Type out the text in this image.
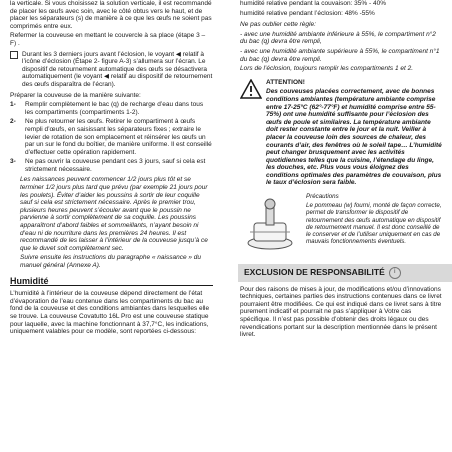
la verticale. Si vous choisissez la solution verticale, il est recommandé de placer les œufs avec soin, avec le côté obtus vers le haut, et de placer les séparateurs (s) de manière à ce que les œufs ne soient pas comprimés entre eux.

Refermer la couveuse en mettant le couvercle à sa place (étape 3 – F) .

Durant les 3 derniers jours avant l’éclosion, le voyant ◀ relatif à l’icône d’éclosion (Étape 2- figure A-3) s’allumera sur l’écran. Le dispositif de retournement automatique des œufs se désactivera automatiquement (le voyant ◀ relatif au dispositif de retournement des œufs disparaîtra de l’écran).

Préparer la couveuse de la manière suivante:

1-	Remplir complètement le bac (q) de recharge d’eau dans tous les compartiments (compartiments 1-2).
2-	Ne plus retourner les œufs. Retirer le compartiment à œufs rempli d’œufs, en saisissant les séparateurs fixes ; extraire le levier de rotation de son emplacement et réinsérer les œufs un par un sur le fond du boîtier, de manière uniforme. Il est conseillé d’effectuer cette opération rapidement.
3-	Ne pas ouvrir la couveuse pendant ces 3 jours, sauf si cela est strictement nécessaire.

Les naissances peuvent commencer 1/2 jours plus tôt et se terminer 1/2 jours plus tard que prévu (par exemple 21 jours pour les poulets). Éviter d’aider les poussins à sortir de leur coquille sauf si cela est strictement nécessaire. Après le premier trou, plusieurs heures peuvent s’écouler avant que le poussin ne parvienne à sortir complètement de sa coquille. Les poussins apparaîtront d’abord faibles et sommeillants, n’ayant besoin ni d’eau ni de nourriture dans les premières 24 heures. Il est recommandé de les laisser à l’intérieur de la couveuse jusqu’à ce que le duvet soit complètement sec.

Suivre ensuite les instructions du paragraphe « naissance » du manuel général (Annexe A).

Humidité

L’humidité à l’intérieur de la couveuse dépend directement de l’état d’évaporation de l’eau contenue dans les compartiments du bac au fond de la couveuse et des conditions ambiantes dans lesquelles elle se trouve. La couveuse Covatutto 16L Pro est une couveuse statique pour laquelle, avec la machine fonctionnant à 37,7°C, les indications, uniquement valables pour ce modèle, sont reportées ci-dessous:

humidité relative pendant la couvaison: 35% - 40%

humidité relative pendant l’éclosion: 48% -55%

Ne pas oublier cette règle:

- avec une humidité ambiante inférieure à 55%, le compartiment n°2 du bac (q) devra être rempli,

- avec une humidité ambiante supérieure à 55%, le compartiment n°1 du bac (q) devra être rempli.

Lors de l’éclosion, toujours remplir les compartiments 1 et 2.

ATTENTION!

Des couveuses placées correctement, avec de bonnes conditions ambiantes (température ambiante comprise entre 17-25°C (62°-77°F) et humidité comprise entre 55-75%) ont une humidité suffisante pour l’éclosion des œufs de poule et similaires. La température ambiante doit rester constante entre le jour et la nuit. Veiller à placer la couveuse loin des sources de chaleur, des courants d’air, des fenêtres où le soleil tape… L’humidité peut changer brusquement avec les activités quotidiennes telles que la cuisine, l’étendage du linge, les douches, etc. Plus vous vous éloignez des conditions optimales des paramètres de couvaison, plus le taux d’éclosion sera faible.

Précautions

Le pommeau (w) fourni, monté de façon correcte, permet de transformer le dispositif de retournement des œufs automatique en dispositif de retournement manuel. Il est donc conseillé de le conserver et de l’utiliser uniquement en cas de mauvais fonctionnements éventuels.

EXCLUSION DE RESPONSABILITÉ	i

Pour des raisons de mises à jour, de modifications et/ou d’innovations techniques, certaines parties des instructions contenues dans ce livret pourraient être modifiées. Ce qui est indiqué dans ce livret sans à titre purement indicatif et pourrait ne pas s’appliquer à Votre cas spécifique. Il n’est pas possible d’obtenir des droits légaux ou des revendications portant sur la description mentionnée dans le présent livret.
